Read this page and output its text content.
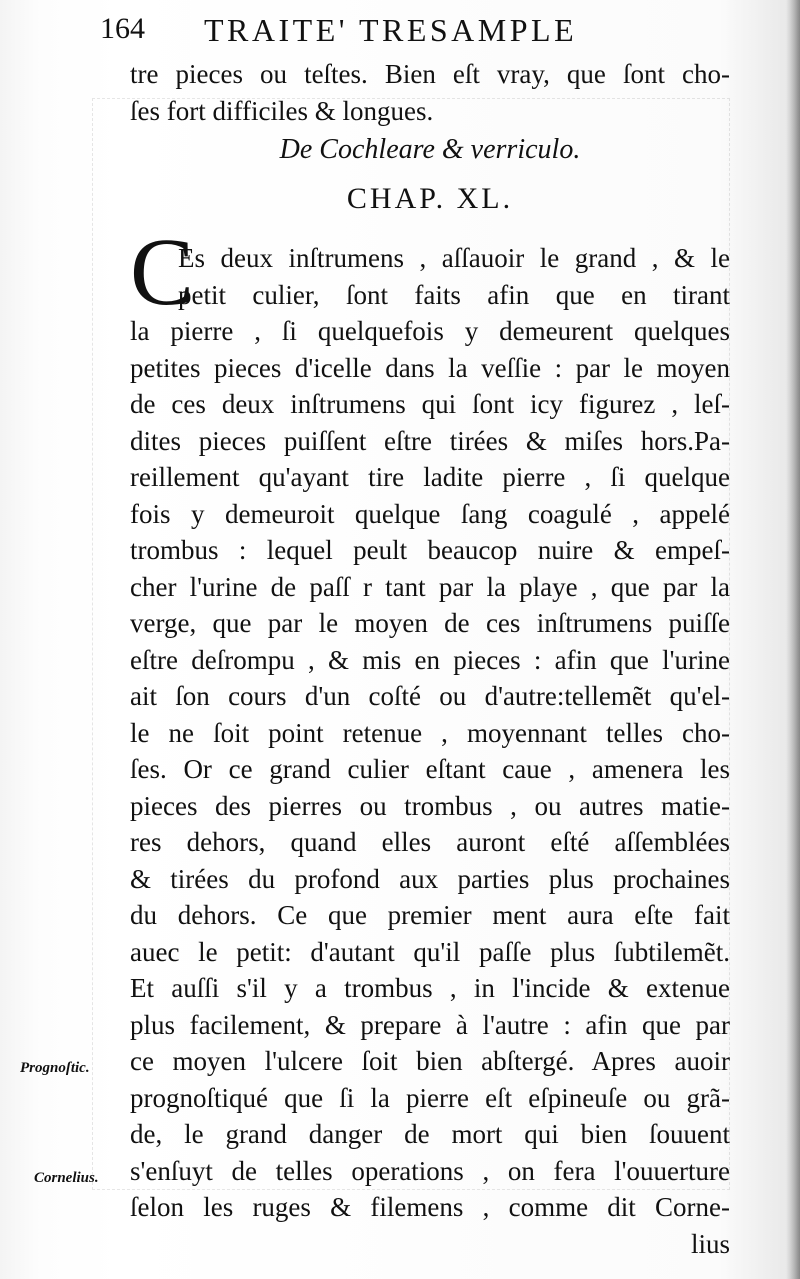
164 TRAITE' TRESAMPLE
tre pieces ou teſtes. Bien eſt vray, que ſont cho-
ſes fort difficiles & longues.
De Cochleare & verriculo.
CHAP. XL.
C
Es deux inſtrumens , aſſauoir le grand , & le
petit culier, ſont faits afin que en tirant
la pierre , ſi quelquefois y demeurent quelques
petites pieces d'icelle dans la veſſie : par le moyen
de ces deux inſtrumens qui ſont icy figurez , leſ-
dites pieces puiſſent eſtre tirées & miſes hors.Pa-
reillement qu'ayant tire ladite pierre , ſi quelque
fois y demeuroit quelque ſang coagulé , appelé
trombus : lequel peult beaucop nuire & empeſ-
cher l'urine de paſſ r tant par la playe , que par la
verge, que par le moyen de ces inſtrumens puiſſe
eſtre deſrompu , & mis en pieces : afin que l'urine
ait ſon cours d'un coſté ou d'autre:tellemẽt qu'el-
le ne ſoit point retenue , moyennant telles cho-
ſes. Or ce grand culier eſtant caue , amenera les
pieces des pierres ou trombus , ou autres matie-
res dehors, quand elles auront eſté aſſemblées
& tirées du profond aux parties plus prochaines
du dehors. Ce que premier ment aura eſte fait
auec le petit: d'autant qu'il paſſe plus ſubtilemẽt.
Et auſſi s'il y a trombus , in l'incide & extenue
plus facilement, & prepare à l'autre : afin que par
ce moyen l'ulcere ſoit bien abſtergé. Apres auoir
prognoſtiqué que ſi la pierre eſt eſpineuſe ou grã-
de, le grand danger de mort qui bien ſouuent
s'enſuyt de telles operations , on fera l'ouuerture
ſelon les ruges & filemens , comme dit Corne-
lius
Prognoſtic.
Cornelius.
